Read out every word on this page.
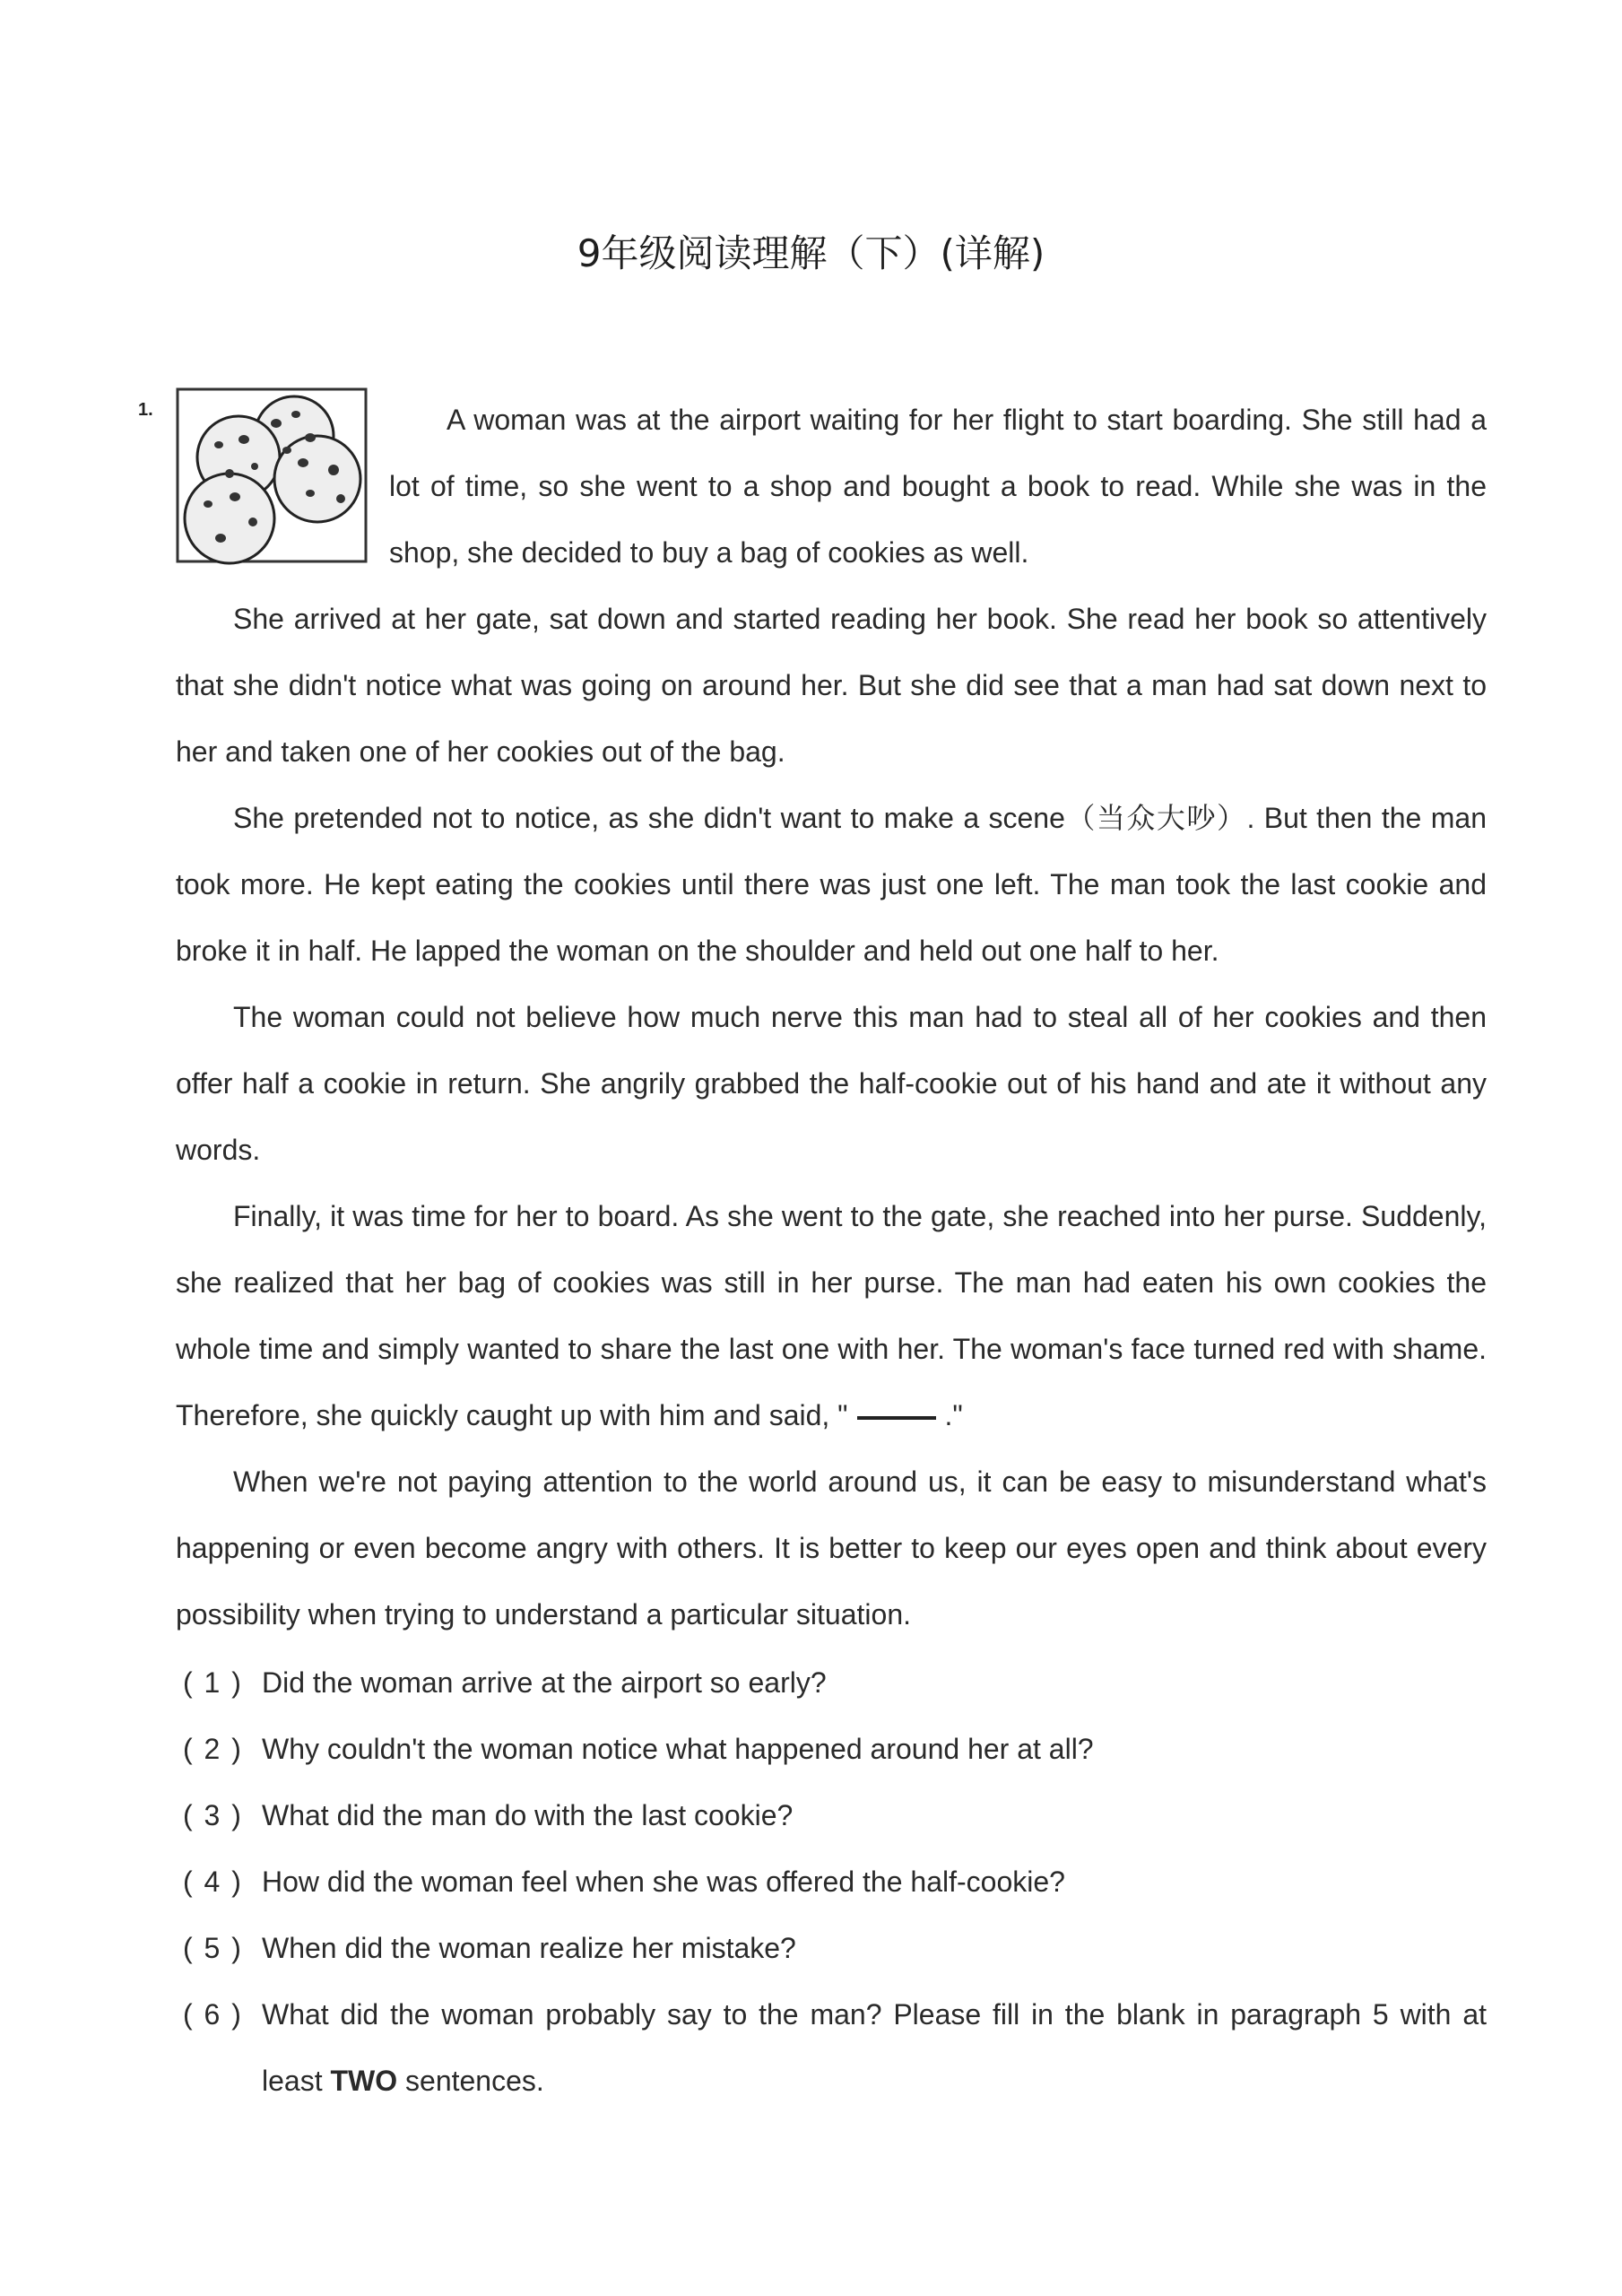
9年级阅读理解（下）(详解)
1.	A woman was at the airport waiting for her flight to start boarding. She still had a lot of time, so she went to a shop and bought a book to read. While she was in the shop, she decided to buy a bag of cookies as well.

She arrived at her gate, sat down and started reading her book. She read her book so attentively that she didn't notice what was going on around her. But she did see that a man had sat down next to her and taken one of her cookies out of the bag.

She pretended not to notice, as she didn't want to make a scene（当众大吵）. But then the man took more. He kept eating the cookies until there was just one left. The man took the last cookie and broke it in half. He lapped the woman on the shoulder and held out one half to her.

The woman could not believe how much nerve this man had to steal all of her cookies and then offer half a cookie in return. She angrily grabbed the half-cookie out of his hand and ate it without any words.

Finally, it was time for her to board. As she went to the gate, she reached into her purse. Suddenly, she realized that her bag of cookies was still in her purse. The man had eaten his own cookies the whole time and simply wanted to share the last one with her. The woman's face turned red with shame. Therefore, she quickly caught up with him and said, "	."

When we're not paying attention to the world around us, it can be easy to misunderstand what's happening or even become angry with others. It is better to keep our eyes open and think about every possibility when trying to understand a particular situation.

( 1 ) Did the woman arrive at the airport so early?
( 2 ) Why couldn't the woman notice what happened around her at all?
( 3 ) What did the man do with the last cookie?
( 4 ) How did the woman feel when she was offered the half-cookie?
( 5 ) When did the woman realize her mistake?
( 6 ) What did the woman probably say to the man? Please fill in the blank in paragraph 5 with at least TWO sentences.
